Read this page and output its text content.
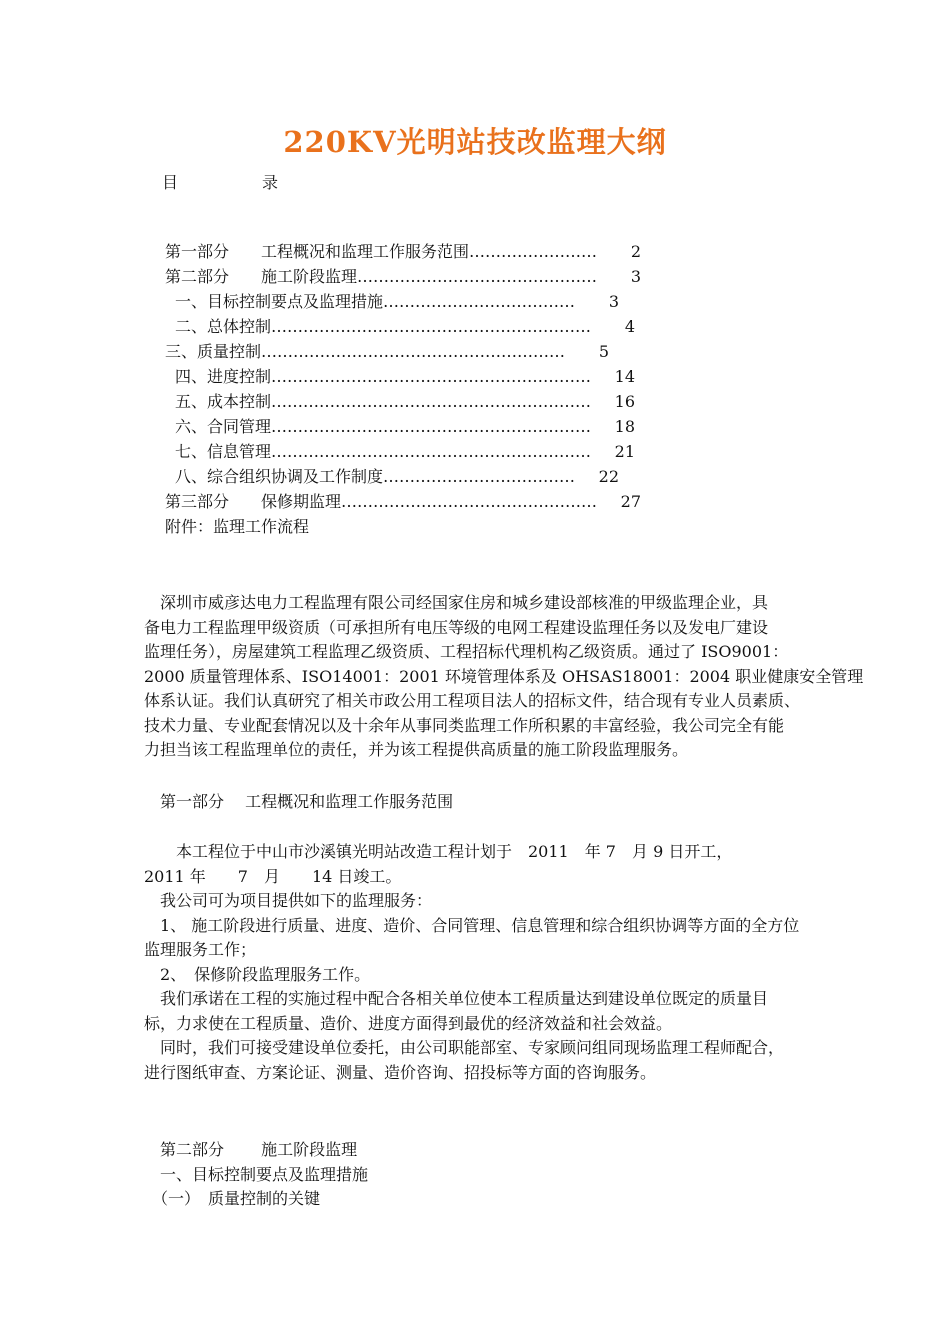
220KV光明站技改监理大纲
目	录
第一部分　　工程概况和监理工作服务范围…………………… 2
第二部分　　施工阶段监理……………………………………… 3
一、目标控制要点及监理措施……………………………… 3
二、总体控制…………………………………………………… 4
三、质量控制………………………………………………… 5
四、进度控制…………………………………………………… 14
五、成本控制…………………………………………………… 16
六、合同管理…………………………………………………… 18
七、信息管理…………………………………………………… 21
八、综合组织协调及工作制度……………………………… 22
第三部分　　保修期监理………………………………………… 27
附件：监理工作流程
　深圳市威彦达电力工程监理有限公司经国家住房和城乡建设部核准的甲级监理企业，具
备电力工程监理甲级资质（可承担所有电压等级的电网工程建设监理任务以及发电厂建设
监理任务），房屋建筑工程监理乙级资质、工程招标代理机构乙级资质。通过了 ISO9001：
2000 质量管理体系、ISO14001：2001 环境管理体系及 OHSAS18001：2004 职业健康安全管理
体系认证。我们认真研究了相关市政公用工程项目法人的招标文件，结合现有专业人员素质、
技术力量、专业配套情况以及十余年从事同类监理工作所积累的丰富经验，我公司完全有能
力担当该工程监理单位的责任，并为该工程提供高质量的施工阶段监理服务。
　第一部分　 工程概况和监理工作服务范围
　　本工程位于中山市沙溪镇光明站改造工程计划于　2011　年 7　月 9 日开工，
2011 年　　7　月　　14 日竣工。
　我公司可为项目提供如下的监理服务：
　1、 施工阶段进行质量、进度、造价、合同管理、信息管理和综合组织协调等方面的全方位
监理服务工作；
　2、　保修阶段监理服务工作。
　我们承诺在工程的实施过程中配合各相关单位使本工程质量达到建设单位既定的质量目
标，力求使在工程质量、造价、进度方面得到最优的经济效益和社会效益。
　同时，我们可接受建设单位委托，由公司职能部室、专家顾问组同现场监理工程师配合，
进行图纸审查、方案论证、测量、造价咨询、招投标等方面的咨询服务。
　第二部分　　 施工阶段监理
　一、目标控制要点及监理措施
　（一）　质量控制的关键
